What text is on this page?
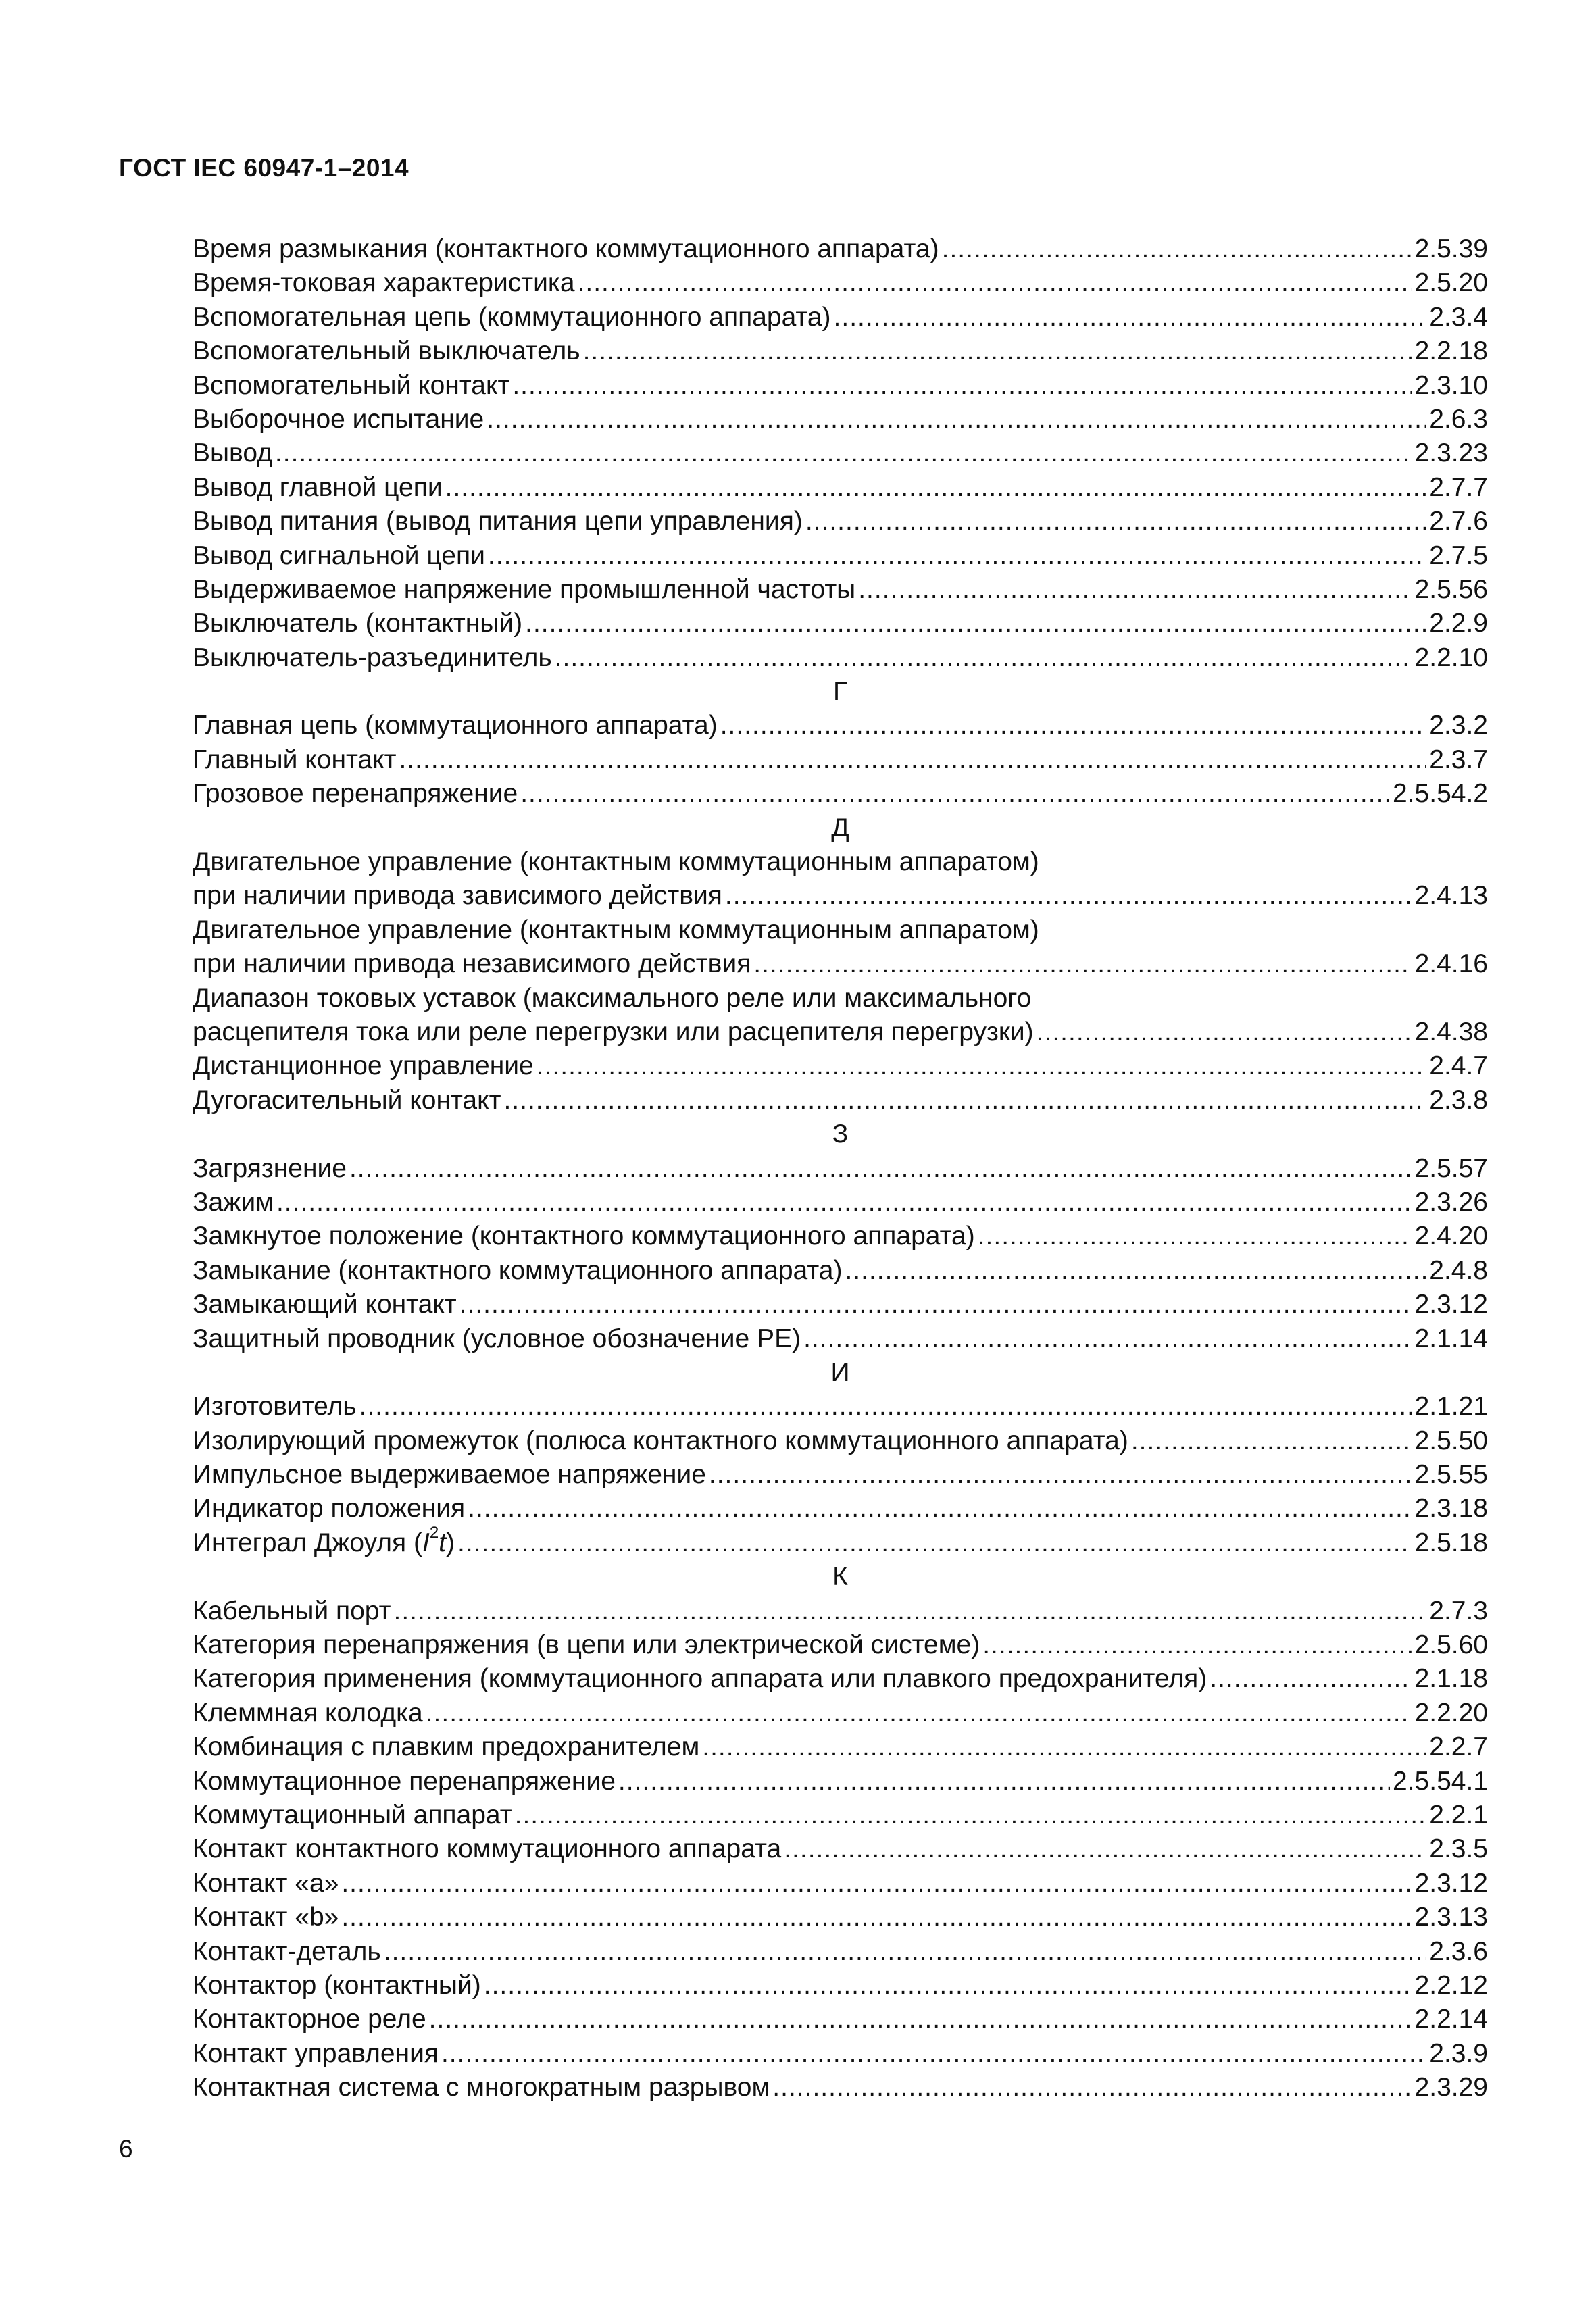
ГОСТ IEC 60947-1–2014
Время размыкания (контактного коммутационного аппарата) .....	2.5.39
Время-токовая характеристика .....	2.5.20
Вспомогательная цепь (коммутационного аппарата) .....	2.3.4
Вспомогательный выключатель .....	2.2.18
Вспомогательный контакт .....	2.3.10
Выборочное испытание .....	2.6.3
Вывод .....	2.3.23
Вывод главной цепи .....	2.7.7
Вывод питания (вывод питания цепи управления) .....	2.7.6
Вывод сигнальной цепи .....	2.7.5
Выдерживаемое напряжение промышленной частоты .....	2.5.56
Выключатель (контактный) .....	2.2.9
Выключатель-разъединитель .....	2.2.10
Г
Главная цепь (коммутационного аппарата) .....	2.3.2
Главный контакт .....	2.3.7
Грозовое перенапряжение .....	2.5.54.2
Д
Двигательное управление (контактным коммутационным аппаратом)
при наличии привода зависимого действия .....	2.4.13
Двигательное управление (контактным коммутационным аппаратом)
при наличии привода независимого действия .....	2.4.16
Диапазон токовых уставок (максимального реле или максимального
расцепителя тока или реле перегрузки или расцепителя перегрузки) .....	2.4.38
Дистанционное управление .....	2.4.7
Дугогасительный контакт .....	2.3.8
З
Загрязнение .....	2.5.57
Зажим .....	2.3.26
Замкнутое положение (контактного коммутационного аппарата) .....	2.4.20
Замыкание (контактного коммутационного аппарата) .....	2.4.8
Замыкающий контакт .....	2.3.12
Защитный проводник (условное обозначение PE) .....	2.1.14
И
Изготовитель .....	2.1.21
Изолирующий промежуток (полюса контактного коммутационного аппарата) .....	2.5.50
Импульсное выдерживаемое напряжение .....	2.5.55
Индикатор положения .....	2.3.18
Интеграл Джоуля $(I^2t)$ .....	2.5.18
К
Кабельный порт .....	2.7.3
Категория перенапряжения (в цепи или электрической системе) .....	2.5.60
Категория применения (коммутационного аппарата или плавкого предохранителя) .....	2.1.18
Клеммная колодка .....	2.2.20
Комбинация с плавким предохранителем .....	2.2.7
Коммутационное перенапряжение .....	2.5.54.1
Коммутационный аппарат .....	2.2.1
Контакт контактного коммутационного аппарата .....	2.3.5
Контакт «а» .....	2.3.12
Контакт «b» .....	2.3.13
Контакт-деталь .....	2.3.6
Контактор (контактный) .....	2.2.12
Контакторное реле .....	2.2.14
Контакт управления .....	2.3.9
Контактная система с многократным разрывом .....	2.3.29
6
